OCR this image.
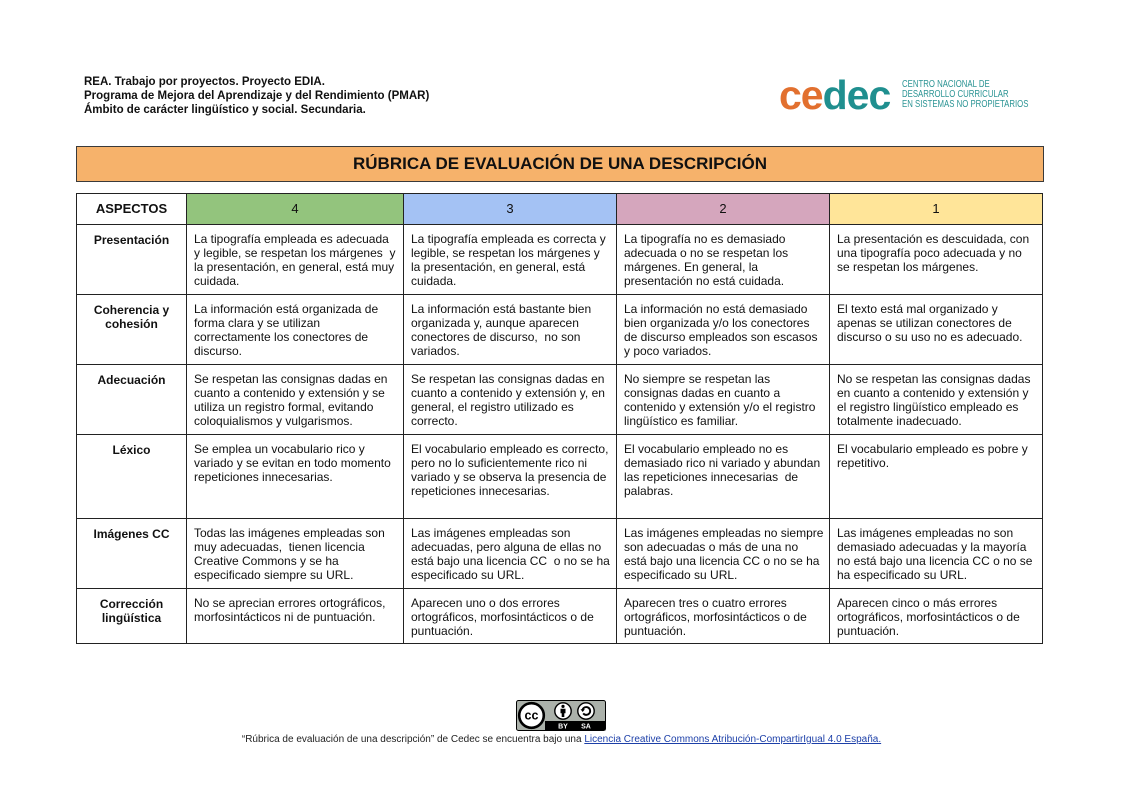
REA. Trabajo por proyectos. Proyecto EDIA.
Programa de Mejora del Aprendizaje y del Rendimiento (PMAR)
Ámbito de carácter lingüístico y social. Secundaria.	cedec CENTRO NACIONAL DE
DESARROLLO CURRICULAR
EN SISTEMAS NO PROPIETARIOS
RÚBRICA DE EVALUACIÓN DE UNA DESCRIPCIÓN
ASPECTOS	4	3	2	1
Presentación	La tipografía empleada es adecuada y legible, se respetan los márgenes  y la presentación, en general, está muy cuidada.	La tipografía empleada es correcta y legible, se respetan los márgenes y la presentación, en general, está cuidada.	La tipografía no es demasiado adecuada o no se respetan los márgenes. En general, la presentación no está cuidada.	La presentación es descuidada, con una tipografía poco adecuada y no se respetan los márgenes.
Coherencia y cohesión	La información está organizada de forma clara y se utilizan correctamente los conectores de discurso.	La información está bastante bien organizada y, aunque aparecen conectores de discurso,  no son variados.	La información no está demasiado bien organizada y/o los conectores de discurso empleados son escasos y poco variados.	El texto está mal organizado y apenas se utilizan conectores de discurso o su uso no es adecuado.
Adecuación	Se respetan las consignas dadas en cuanto a contenido y extensión y se utiliza un registro formal, evitando coloquialismos y vulgarismos.	Se respetan las consignas dadas en cuanto a contenido y extensión y, en general, el registro utilizado es correcto.	No siempre se respetan las consignas dadas en cuanto a contenido y extensión y/o el registro lingüístico es familiar.	No se respetan las consignas dadas en cuanto a contenido y extensión y el registro lingüístico empleado es totalmente inadecuado.
Léxico	Se emplea un vocabulario rico y variado y se evitan en todo momento repeticiones innecesarias.	El vocabulario empleado es correcto, pero no lo suficientemente rico ni variado y se observa la presencia de repeticiones innecesarias.	El vocabulario empleado no es demasiado rico ni variado y abundan las repeticiones innecesarias  de palabras.	El vocabulario empleado es pobre y repetitivo.
Imágenes CC	Todas las imágenes empleadas son muy adecuadas,  tienen licencia Creative Commons y se ha especificado siempre su URL.	Las imágenes empleadas son adecuadas, pero alguna de ellas no está bajo una licencia CC  o no se ha especificado su URL.	Las imágenes empleadas no siempre son adecuadas o más de una no está bajo una licencia CC o no se ha especificado su URL.	Las imágenes empleadas no son demasiado adecuadas y la mayoría no está bajo una licencia CC o no se ha especificado su URL.
Corrección lingüística	No se aprecian errores ortográficos, morfosintácticos ni de puntuación.	Aparecen uno o dos errores ortográficos, morfosintácticos o de puntuación.	Aparecen tres o cuatro errores ortográficos, morfosintácticos o de puntuación.	Aparecen cinco o más errores ortográficos, morfosintácticos o de puntuación.
cc
BY SA
“Rúbrica de evaluación de una descripción” de Cedec se encuentra bajo una Licencia Creative Commons Atribución-CompartirIgual 4.0 España.
